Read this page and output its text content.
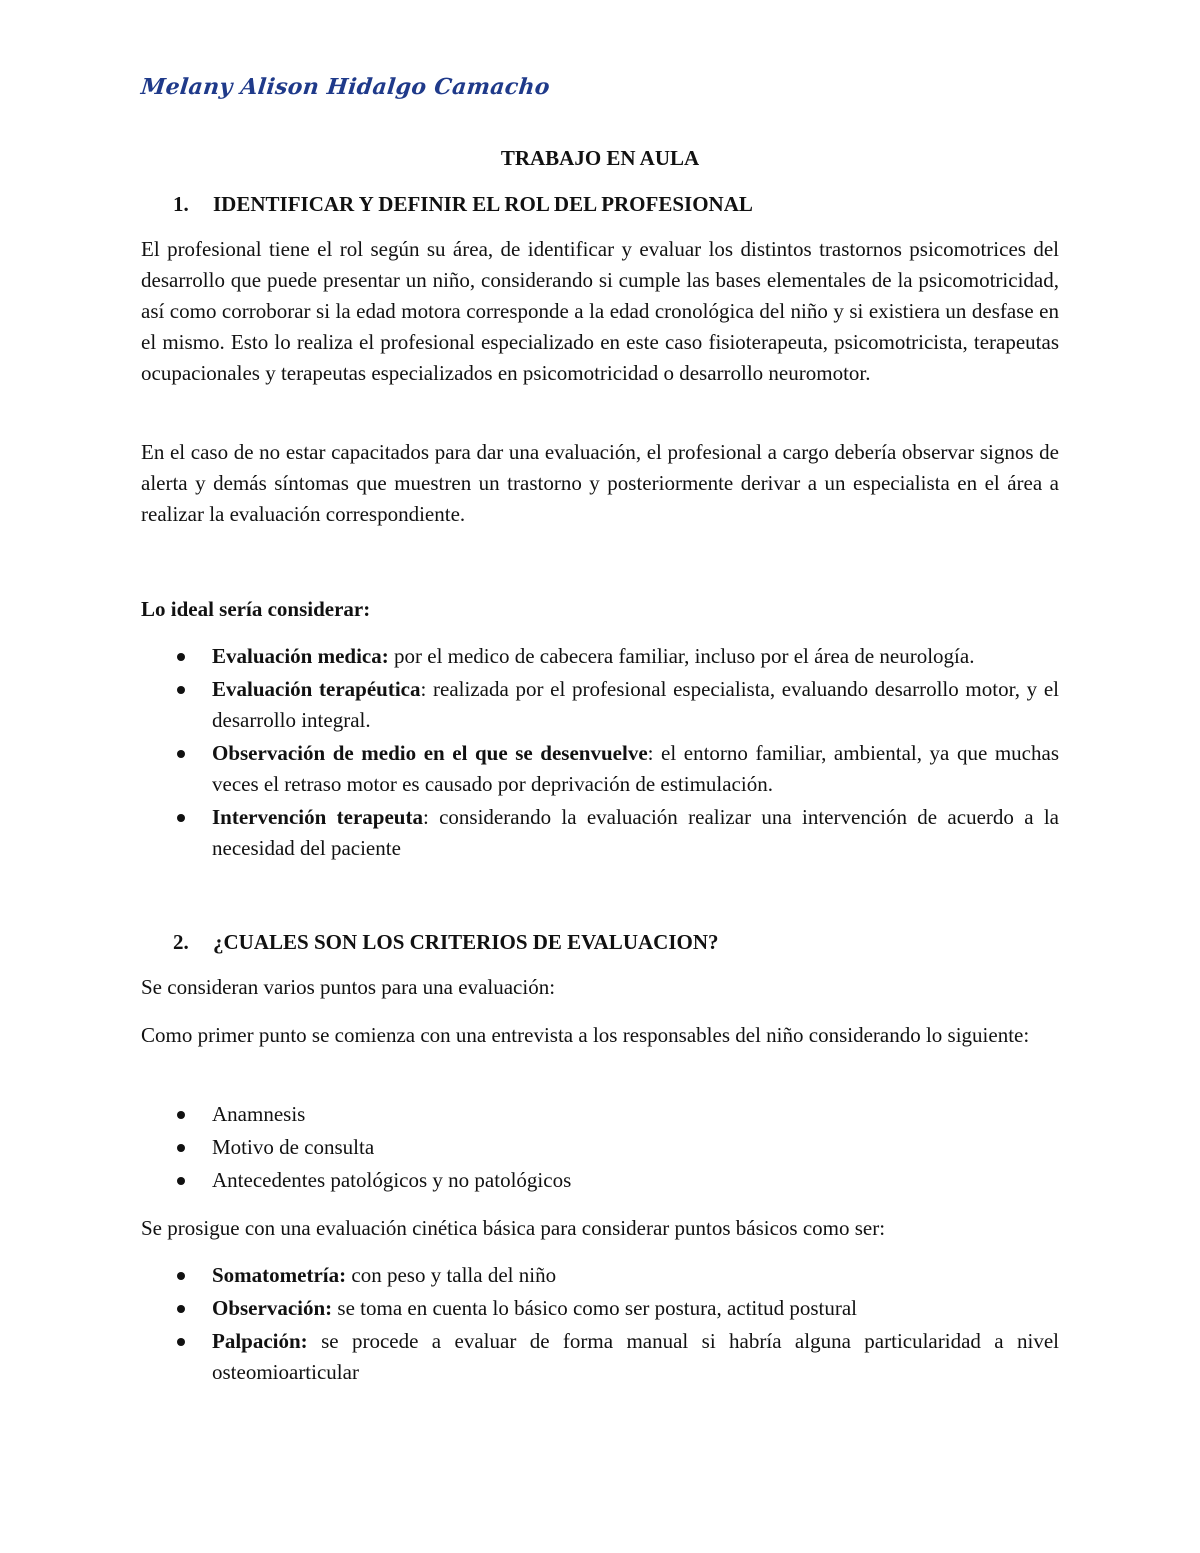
Melany Alison Hidalgo Camacho
TRABAJO EN AULA
1. IDENTIFICAR Y DEFINIR EL ROL DEL PROFESIONAL
El profesional tiene el rol según su área, de identificar y evaluar los distintos trastornos psicomotrices del desarrollo que puede presentar un niño, considerando si cumple las bases elementales de la psicomotricidad, así como corroborar si la edad motora corresponde a la edad cronológica del niño y si existiera un desfase en el mismo. Esto lo realiza el profesional especializado en este caso fisioterapeuta, psicomotricista, terapeutas ocupacionales y terapeutas especializados en psicomotricidad o desarrollo neuromotor.
En el caso de no estar capacitados para dar una evaluación, el profesional a cargo debería observar signos de alerta y demás síntomas que muestren un trastorno y posteriormente derivar a un especialista en el área a realizar la evaluación correspondiente.
Lo ideal sería considerar:
Evaluación medica: por el medico de cabecera familiar, incluso por el área de neurología.
Evaluación terapéutica: realizada por el profesional especialista, evaluando desarrollo motor, y el desarrollo integral.
Observación de medio en el que se desenvuelve: el entorno familiar, ambiental, ya que muchas veces el retraso motor es causado por deprivación de estimulación.
Intervención terapeuta: considerando la evaluación realizar una intervención de acuerdo a la necesidad del paciente
2. ¿CUALES SON LOS CRITERIOS DE EVALUACION?
Se consideran varios puntos para una evaluación:
Como primer punto se comienza con una entrevista a los responsables del niño considerando lo siguiente:
Anamnesis
Motivo de consulta
Antecedentes patológicos y no patológicos
Se prosigue con una evaluación cinética básica para considerar puntos básicos como ser:
Somatometría: con peso y talla del niño
Observación: se toma en cuenta lo básico como ser postura, actitud postural
Palpación: se procede a evaluar de forma manual si habría alguna particularidad a nivel osteomioarticular
